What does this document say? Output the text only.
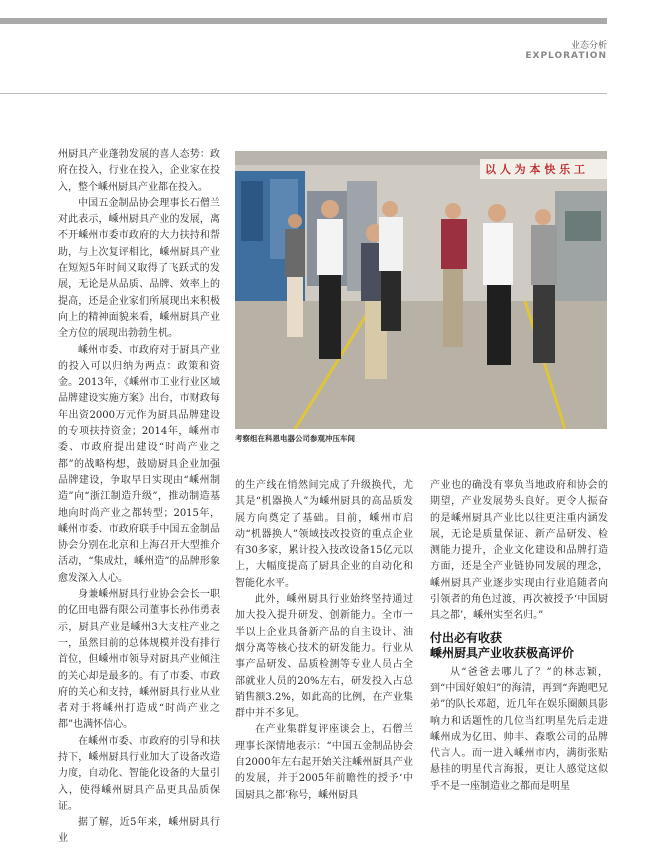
业态分析
EXPLORATION

州厨具产业蓬勃发展的喜人态势：政府在投入，行业在投入，企业家在投入，整个嵊州厨具产业都在投入。

中国五金制品协会理事长石僧兰对此表示，嵊州厨具产业的发展，离不开嵊州市委市政府的大力扶持和帮助，与上次复评相比，嵊州厨具产业在短短5年时间又取得了飞跃式的发展，无论是从品质、品牌、效率上的提高，还是企业家们所展现出来积极向上的精神面貌来看，嵊州厨具产业全方位的展现出勃勃生机。

嵊州市委、市政府对于厨具产业的投入可以归纳为两点：政策和资金。2013年，《嵊州市工业行业区域品牌建设实施方案》出台，市财政每年出资2000万元作为厨具品牌建设的专项扶持资金；2014年，嵊州市委、市政府提出建设“时尚产业之都”的战略构想，鼓励厨具企业加强品牌建设，争取早日实现由“嵊州制造”向“浙江制造升级”，推动制造基地向时尚产业之都转型；2015年，嵊州市委、市政府联手中国五金制品协会分别在北京和上海召开大型推介活动，“集成灶，嵊州造”的品牌形象愈发深入人心。

身兼嵊州厨具行业协会会长一职的亿田电器有限公司董事长孙伟勇表示，厨具产业是嵊州3大支柱产业之一，虽然目前的总体规模并没有排行首位，但嵊州市领导对厨具产业倾注的关心却是最多的。有了市委、市政府的关心和支持，嵊州厨具行业从业者对于将嵊州打造成“时尚产业之都”也满怀信心。

在嵊州市委、市政府的引导和扶持下，嵊州厨具行业加大了设备改造力度，自动化、智能化设备的大量引入，使得嵊州厨具产品更具品质保证。

据了解，近5年来，嵊州厨具行业

以 人 为 本 快 乐 工
考察组在科恩电器公司参观冲压车间

的生产线在悄然间完成了升级换代，尤其是“机器换人”为嵊州厨具的高品质发展方向奠定了基础。目前，嵊州市启动“机器换人”领域技改投资的重点企业有30多家，累计投入技改设备15亿元以上，大幅度提高了厨具企业的自动化和智能化水平。

此外，嵊州厨具行业始终坚持通过加大投入提升研发、创新能力。全市一半以上企业具备新产品的自主设计、油烟分离等核心技术的研发能力。行业从事产品研发、品质检测等专业人员占全部就业人员的20%左右，研发投入占总销售额3.2%，如此高的比例，在产业集群中并不多见。

在产业集群复评座谈会上，石僧兰理事长深情地表示：“中国五金制品协会自2000年左右起开始关注嵊州厨具产业的发展，并于2005年前瞻性的授予‘中国厨具之都’称号，嵊州厨具

产业也的确没有辜负当地政府和协会的期望，产业发展势头良好。更令人振奋的是嵊州厨具产业比以往更注重内涵发展，无论是质量保证、新产品研发、检测能力提升，企业文化建设和品牌打造方面，还是全产业链协同发展的理念，嵊州厨具产业逐步实现由行业追随者向引领者的角色过渡，再次被授予‘中国厨具之都’，嵊州实至名归。”

付出必有收获
嵊州厨具产业收获极高评价

从“爸爸去哪儿了？”的林志颖，到“中国好娘妇”的海清，再到“奔跑吧兄弟”的队长邓超，近几年在娱乐圈颇具影响力和话题性的几位当红明星先后走进嵊州成为亿田、帅丰、森歌公司的品牌代言人。而一进入嵊州市内，满街张贴悬挂的明星代言海报，更让人感觉这似乎不是一座制造业之都而是明星
